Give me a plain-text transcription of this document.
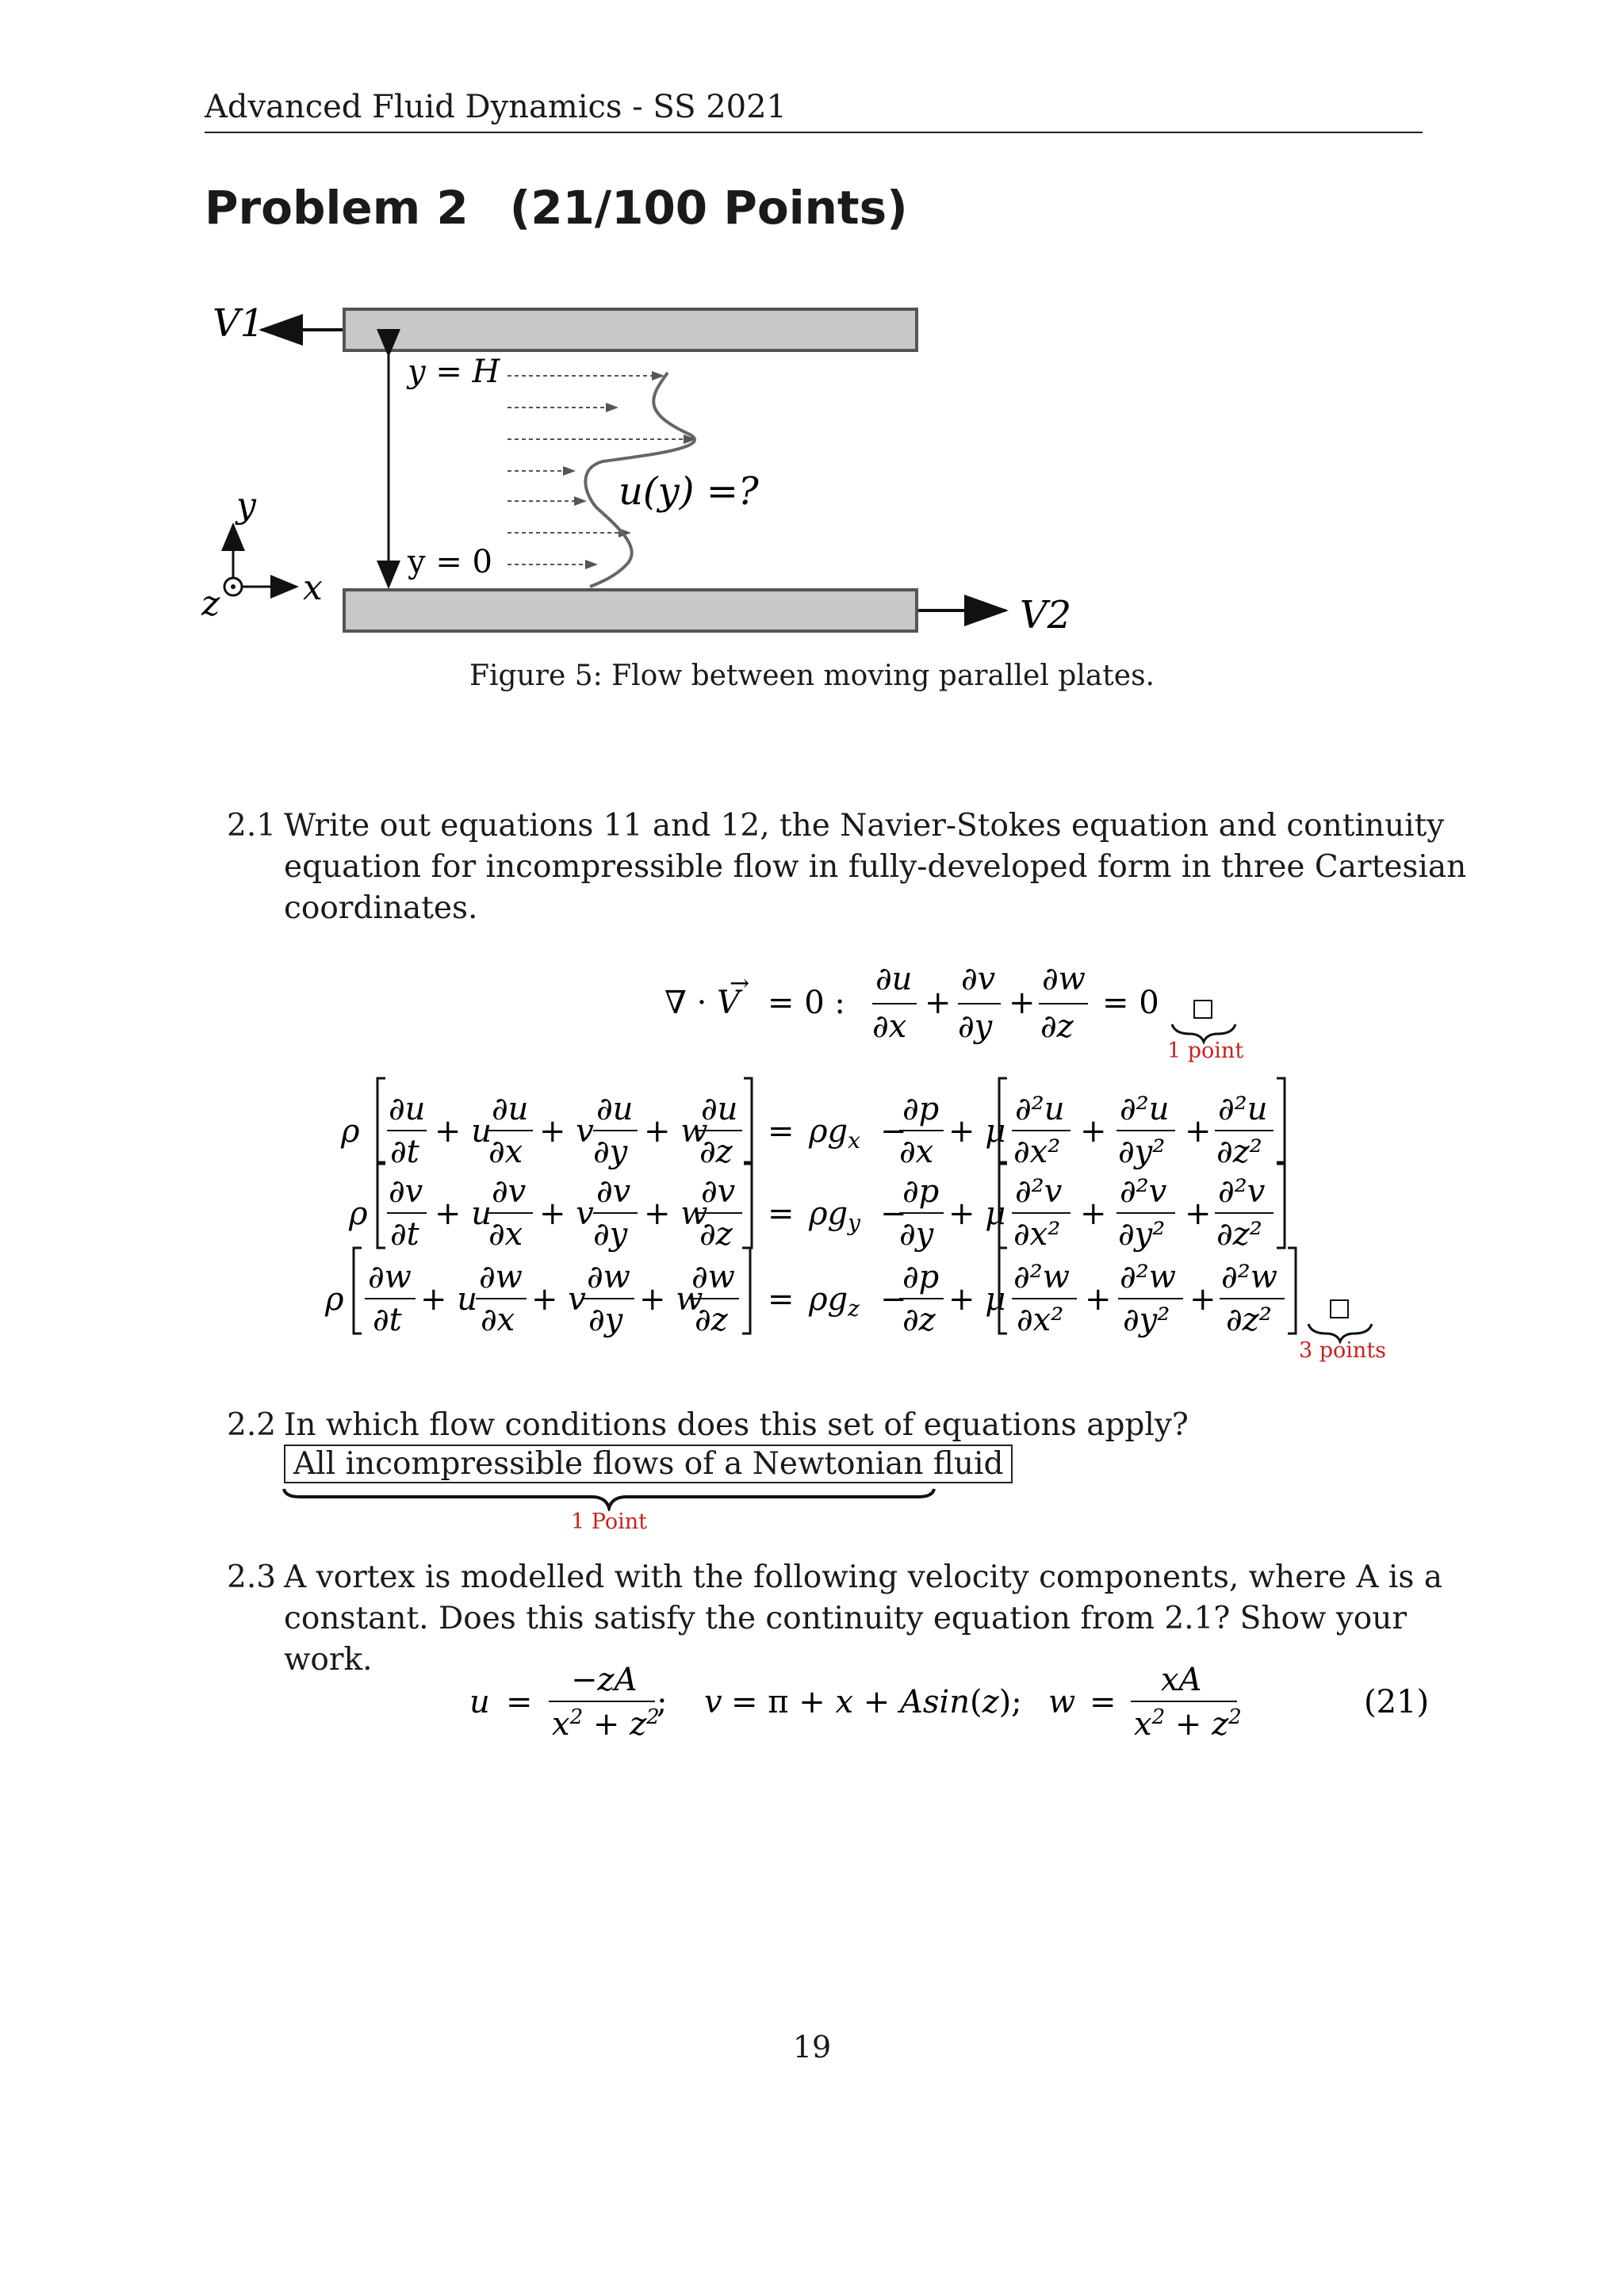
Advanced Fluid Dynamics - SS 2021
Problem 2 (21/100 Points)
V1
V2
y = H
y = 0
u(y) =?
y
x
z
Figure 5: Flow between moving parallel plates.
2.1 Write out equations 11 and 12, the Navier-Stokes equation and continuity equation for incompressible flow in fully-developed form in three Cartesian coordinates.
∇ · V
→
= 0 :
∂u
∂x
+
∂v
∂y
+
∂w
∂z
= 0
ρ
∂u
∂t
+ u
∂u
∂x
+ v
∂u
∂y
+ w
∂u
∂z
= $\rho g_x$ −
∂p
∂x
+ μ
∂²u
∂x²
+
∂²u
∂y²
+
∂²u
∂z²
ρ
∂v
∂t
+ u
∂v
∂x
+ v
∂v
∂y
+ w
∂v
∂z
= $\rho g_y$ −
∂p
∂y
+ μ
∂²v
∂x²
+
∂²v
∂y²
+
∂²v
∂z²
ρ
∂w
∂t
+ u
∂w
∂x
+ v
∂w
∂y
+ w
∂w
∂z
= $\rho g_z$ −
∂p
∂z
+ μ
∂²w
∂x²
+
∂²w
∂y²
+
∂²w
∂z²
1 point
3 points
2.2 In which flow conditions does this set of equations apply?
All incompressible flows of a Newtonian fluid
1 Point
2.3 A vortex is modelled with the following velocity components, where A is a constant. Does this satisfy the continuity equation from 2.1? Show your work.
u =
−zA
$x^2 + z^2$
; v = π + x + Asin(z); w =
xA
$x^2 + z^2$	(21)
19
